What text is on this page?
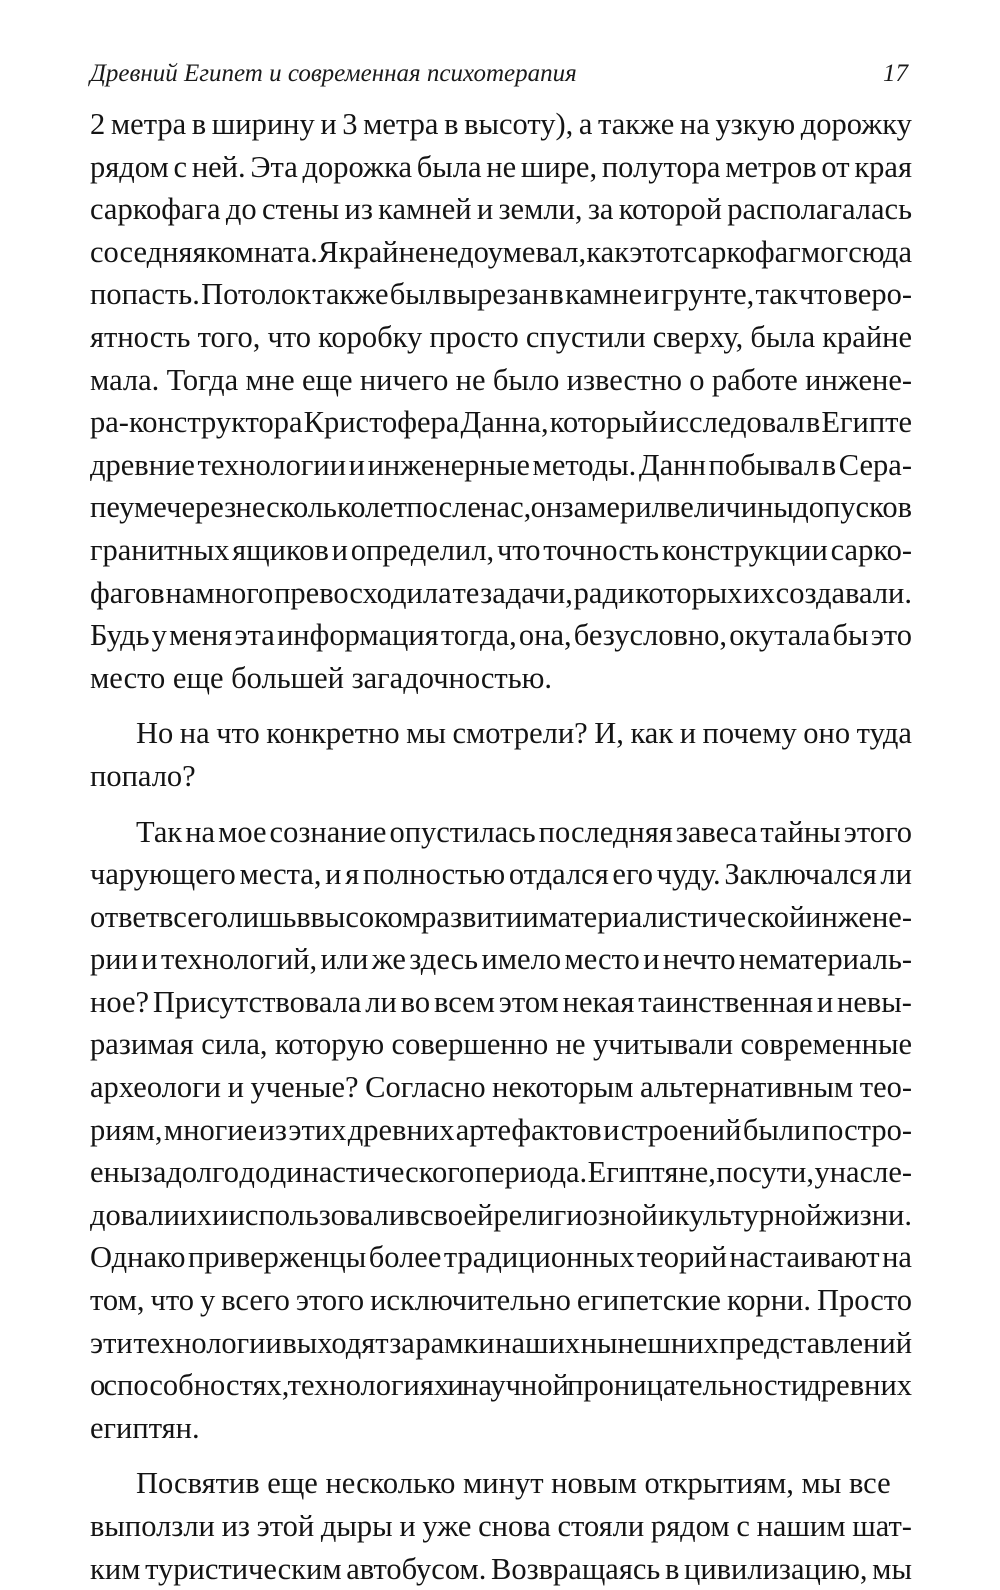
Древний Египет и современная психотерапия	17

2 метра в ширину и 3 метра в высоту), а также на узкую дорожку
рядом с ней. Эта дорожка была не шире, полутора метров от края
саркофага до стены из камней и земли, за которой располагалась
соседняя комната. Я крайне недоумевал, как этот саркофаг мог сюда
попасть. Потолок также был вырезан в камне и грунте, так что веро-
ятность того, что коробку просто спустили сверху, была крайне
мала. Тогда мне еще ничего не было известно о работе инжене-
ра-конструктора Кристофера Данна, который исследовал в Египте
древние технологии и инженерные методы. Данн побывал в Сера-
пеуме через несколько лет после нас, он замерил величины допусков
гранитных ящиков и определил, что точность конструкции сарко-
фагов намного превосходила те задачи, ради которых их создавали.
Будь у меня эта информация тогда, она, безусловно, окутала бы это
место еще большей загадочностью.

Но на что конкретно мы смотрели? И, как и почему оно туда
попало?

Так на мое сознание опустилась последняя завеса тайны этого
чарующего места, и я полностью отдался его чуду. Заключался ли
ответ всего лишь в высоком развитии материалистической инжене-
рии и технологий, или же здесь имело место и нечто нематериаль-
ное? Присутствовала ли во всем этом некая таинственная и невы-
разимая сила, которую совершенно не учитывали современные
археологи и ученые? Согласно некоторым альтернативным тео-
риям, многие из этих древних артефактов и строений были постро-
ены задолго до династического периода. Египтяне, по сути, унасле-
довали их и использовали в своей религиозной и культурной жизни.
Однако приверженцы более традиционных теорий настаивают на
том, что у всего этого исключительно египетские корни. Просто
эти технологии выходят за рамки наших нынешних представлений
о способностях, технологиях и научной проницательности древних
египтян.

Посвятив еще несколько минут новым открытиям, мы все
выползли из этой дыры и уже снова стояли рядом с нашим шат-
ким туристическим автобусом. Возвращаясь в цивилизацию, мы
